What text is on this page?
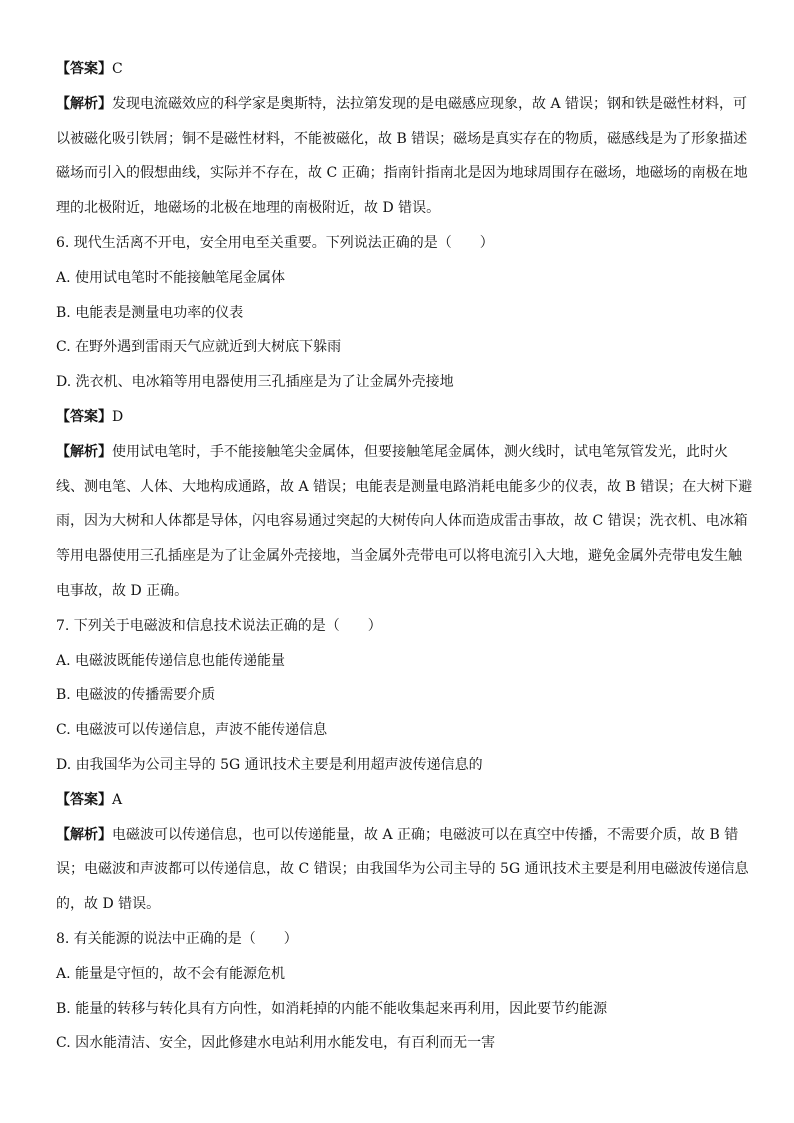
【答案】C

【解析】发现电流磁效应的科学家是奥斯特，法拉第发现的是电磁感应现象，故 A 错误；钢和铁是磁性材料，可
以被磁化吸引铁屑；铜不是磁性材料，不能被磁化，故 B 错误；磁场是真实存在的物质，磁感线是为了形象描述
磁场而引入的假想曲线，实际并不存在，故 C 正确；指南针指南北是因为地球周围存在磁场，地磁场的南极在地
理的北极附近，地磁场的北极在地理的南极附近，故 D 错误。

6. 现代生活离不开电，安全用电至关重要。下列说法正确的是（　　）

A. 使用试电笔时不能接触笔尾金属体

B. 电能表是测量电功率的仪表

C. 在野外遇到雷雨天气应就近到大树底下躲雨

D. 洗衣机、电冰箱等用电器使用三孔插座是为了让金属外壳接地

【答案】D

【解析】使用试电笔时，手不能接触笔尖金属体，但要接触笔尾金属体，测火线时，试电笔氖管发光，此时火
线、测电笔、人体、大地构成通路，故 A 错误；电能表是测量电路消耗电能多少的仪表，故 B 错误；在大树下避
雨，因为大树和人体都是导体，闪电容易通过突起的大树传向人体而造成雷击事故，故 C 错误；洗衣机、电冰箱
等用电器使用三孔插座是为了让金属外壳接地，当金属外壳带电可以将电流引入大地，避免金属外壳带电发生触
电事故，故 D 正确。

7. 下列关于电磁波和信息技术说法正确的是（　　）

A. 电磁波既能传递信息也能传递能量

B. 电磁波的传播需要介质

C. 电磁波可以传递信息，声波不能传递信息

D. 由我国华为公司主导的 5G 通讯技术主要是利用超声波传递信息的

【答案】A

【解析】电磁波可以传递信息，也可以传递能量，故 A 正确；电磁波可以在真空中传播，不需要介质，故 B 错
误；电磁波和声波都可以传递信息，故 C 错误；由我国华为公司主导的 5G 通讯技术主要是利用电磁波传递信息
的，故 D 错误。

8. 有关能源的说法中正确的是（　　）

A. 能量是守恒的，故不会有能源危机

B. 能量的转移与转化具有方向性，如消耗掉的内能不能收集起来再利用，因此要节约能源

C. 因水能清洁、安全，因此修建水电站利用水能发电，有百利而无一害
